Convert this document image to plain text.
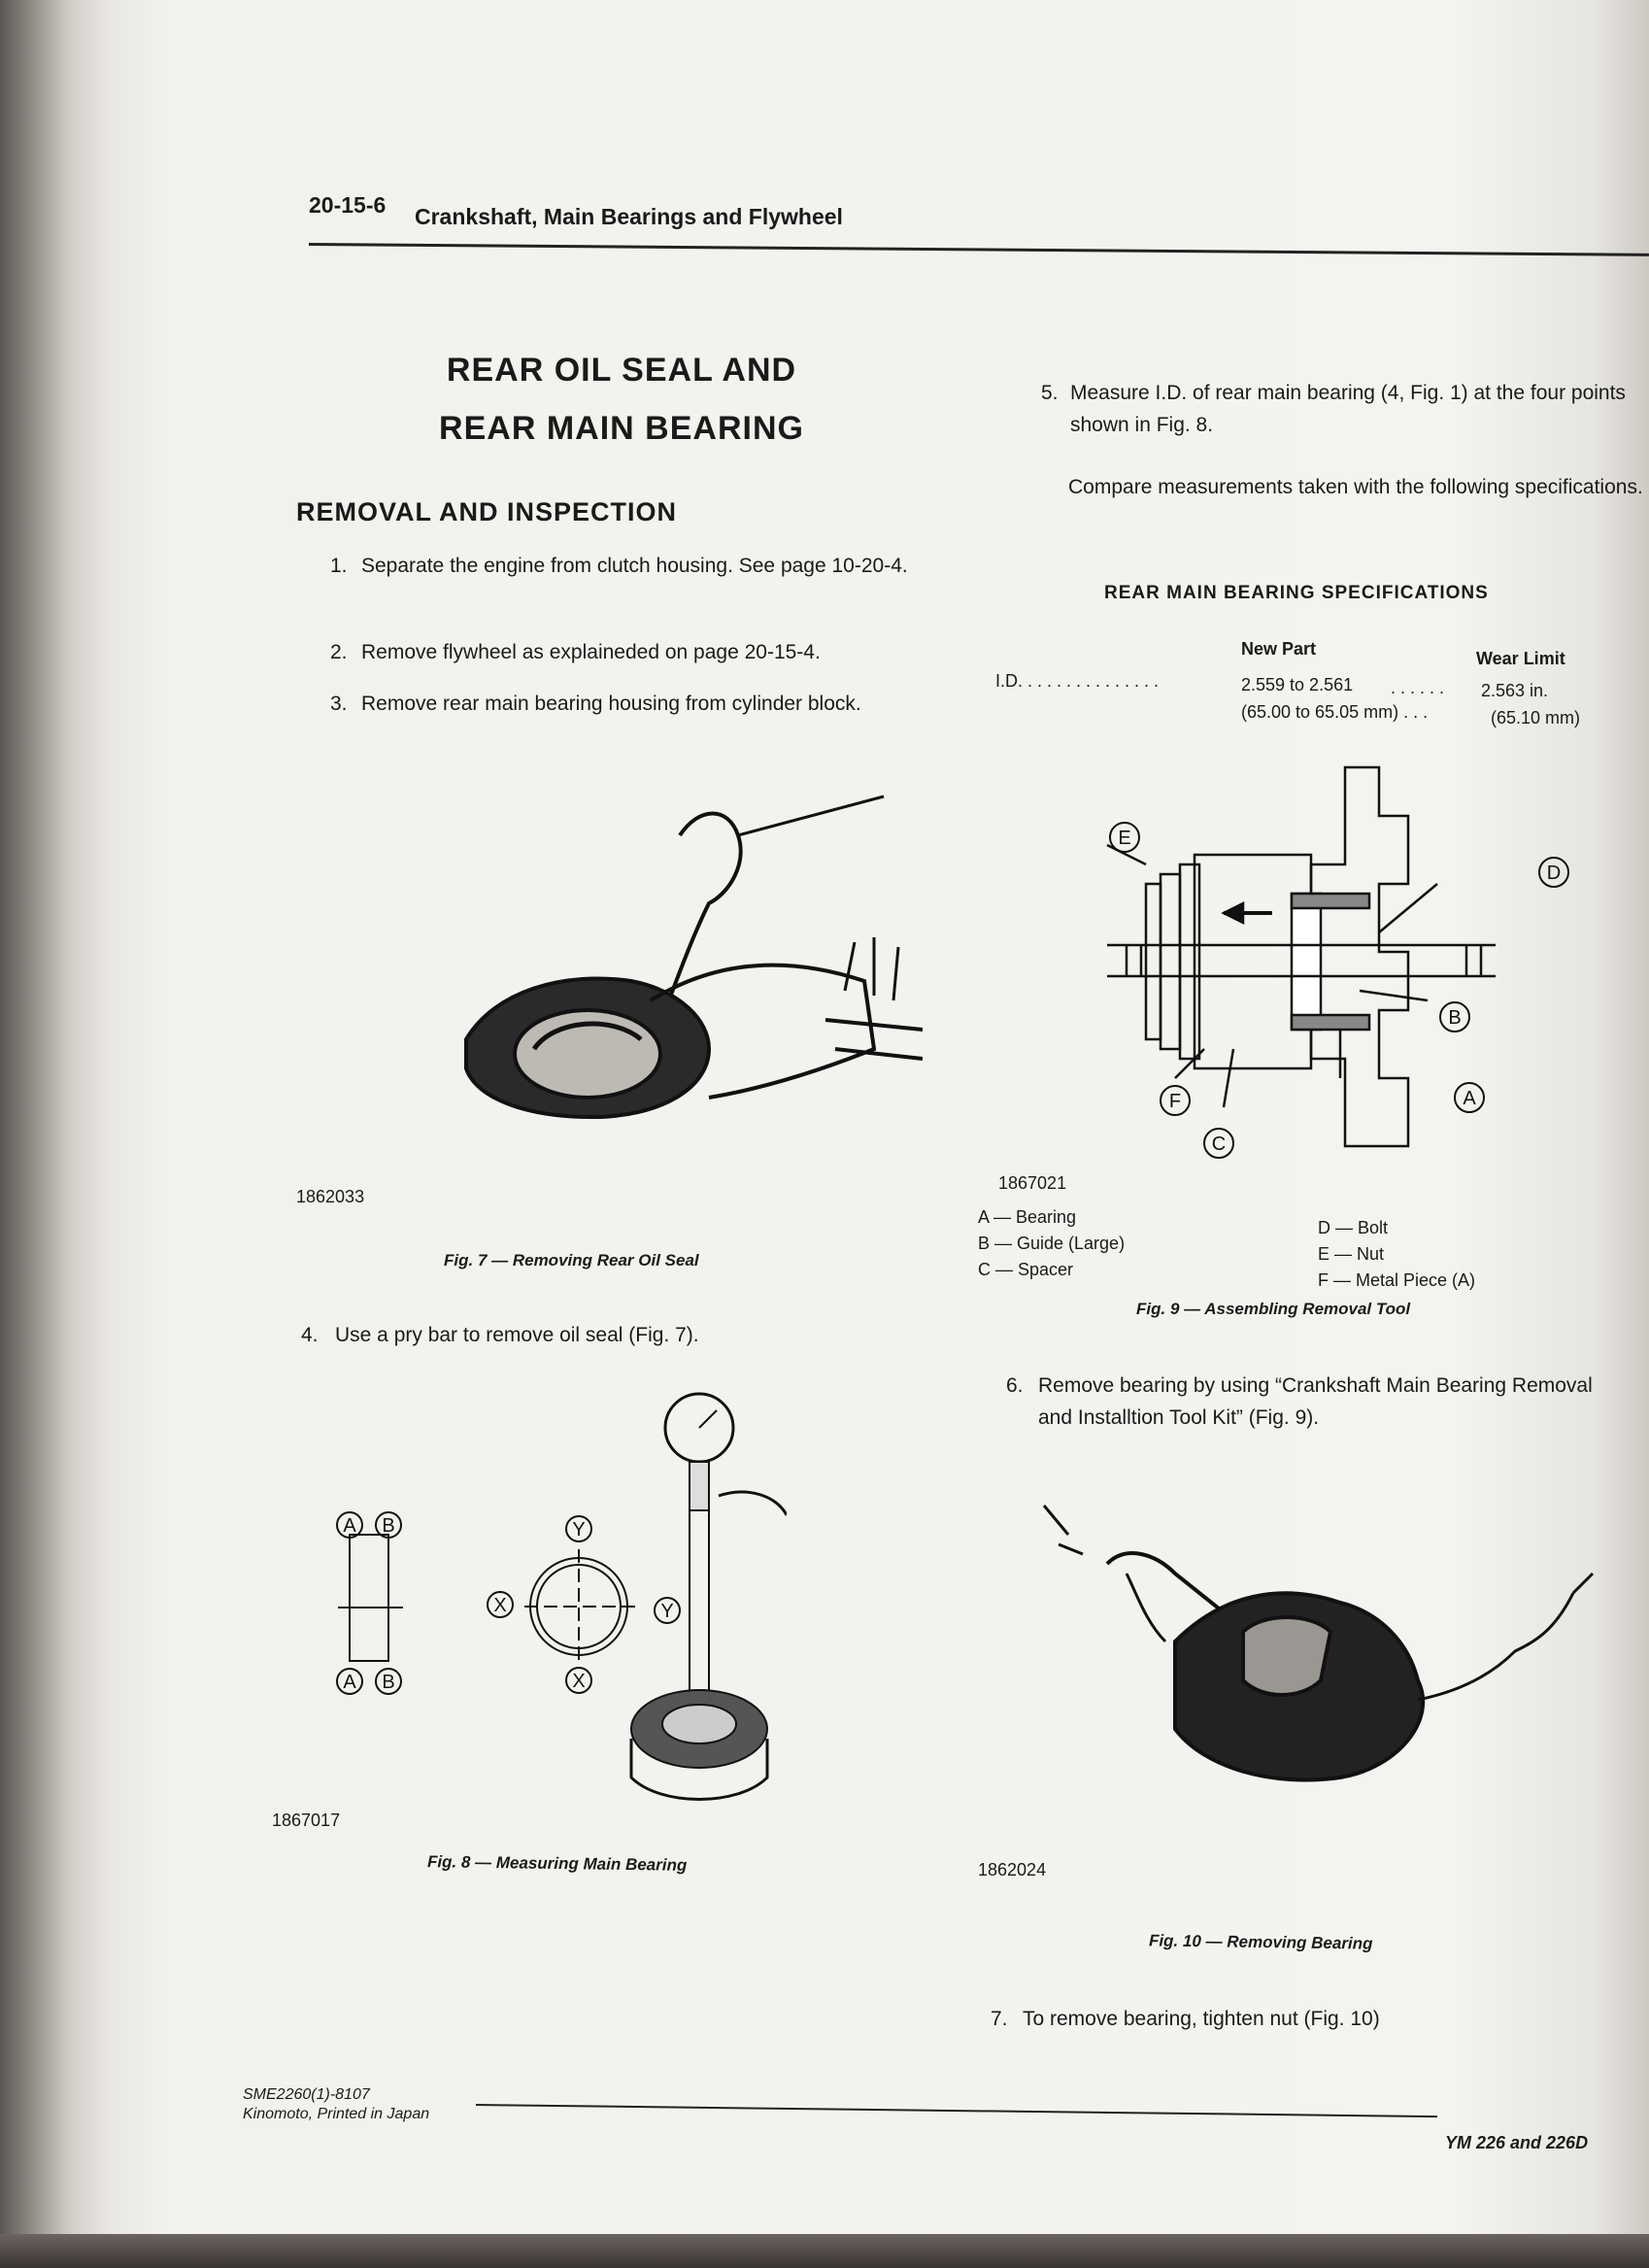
20-15-6 Crankshaft, Main Bearings and Flywheel
REAR OIL SEAL AND
REAR MAIN BEARING
REMOVAL AND INSPECTION
1. Separate the engine from clutch housing. See page 10-20-4.
2. Remove flywheel as explaineded on page 20-15-4.
3. Remove rear main bearing housing from cylinder block.
1862033
Fig. 7 — Removing Rear Oil Seal
4. Use a pry bar to remove oil seal (Fig. 7).
A B
A B
Y
X	Y
X
1867017
Fig. 8 — Measuring Main Bearing
5. Measure I.D. of rear main bearing (4, Fig. 1) at the four points shown in Fig. 8.
Compare measurements taken with the following specifications.
REAR MAIN BEARING SPECIFICATIONS
New Part	Wear Limit
I.D. . . . . . . . . . . . . . .	2.559 to 2.561 . . . . . . 2.563 in.
(65.00 to 65.05 mm) . . .	(65.10 mm)
E
D
B
A
F
C
1867021
A — Bearing
B — Guide (Large)
C — Spacer
D — Bolt
E — Nut
F — Metal Piece (A)
Fig. 9 — Assembling Removal Tool
6. Remove bearing by using “Crankshaft Main Bearing Removal and Installtion Tool Kit” (Fig. 9).
1862024
Fig. 10 — Removing Bearing
7. To remove bearing, tighten nut (Fig. 10)
SME2260(1)-8107
Kinomoto, Printed in Japan
YM 226 and 226D
